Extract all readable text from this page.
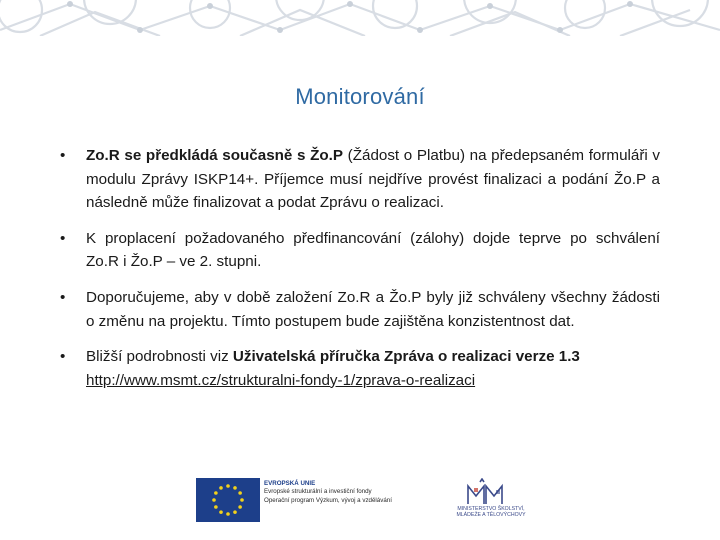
Monitorování
• Zo.R se předkládá současně s Žo.P (Žádost o Platbu) na předepsaném formuláři v modulu Zprávy ISKP14+. Příjemce musí nejdříve provést finalizaci a podání Žo.P a následně může finalizovat a podat Zprávu o realizaci.
• K proplacení požadovaného předfinancování (zálohy) dojde teprve po schválení Zo.R i Žo.P – ve 2. stupni.
• Doporučujeme, aby v době založení Zo.R a Žo.P byly již schváleny všechny žádosti o změnu na projektu. Tímto postupem bude zajištěna konzistentnost dat.
• Bližší podrobnosti viz Uživatelská příručka Zpráva o realizaci verze 1.3
http://www.msmt.cz/strukturalni-fondy-1/zprava-o-realizaci
EVROPSKÁ UNIE
Evropské strukturální a investiční fondy
Operační program Výzkum, vývoj a vzdělávání
MINISTERSTVO ŠKOLSTVÍ,
MLÁDEŽE A TĚLOVÝCHOVY
